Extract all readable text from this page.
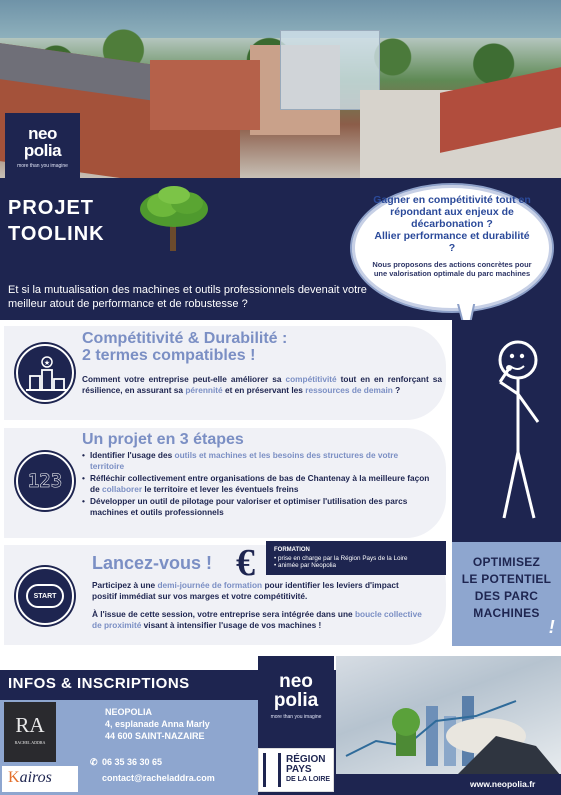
neo
polia
more than you imagine
PROJET
TOOLINK
Et si la mutualisation des machines et outils professionnels devenait votre meilleur atout de performance et de robustesse ?
Gagner en compétitivité tout en répondant aux enjeux de décarbonation ?
Allier performance et durabilité ?
Nous proposons des actions concrètes pour une valorisation optimale du parc machines
OPTIMISEZ
LE POTENTIEL
DES PARC
MACHINES
!
★
Compétitivité & Durabilité :
2 termes compatibles !
Comment votre entreprise peut-elle améliorer sa compétitivité tout en en renforçant sa résilience, en assurant sa pérennité et en préservant les ressources de demain ?
123
Un projet en 3 étapes
• Identifier l'usage des outils et machines et les besoins des structures de votre territoire
• Réfléchir collectivement entre organisations de bas de Chantenay à la meilleure façon de collaborer le territoire et lever les éventuels freins
• Développer un outil de pilotage pour valoriser et optimiser l'utilisation des parcs machines et outils professionnels
START
Lancez-vous ! €	FORMATION
• prise en charge par la Région Pays de la Loire
• animée par Neopolia
Participez à une demi-journée de formation pour identifier les leviers d'impact positif immédiat sur vos marges et votre compétitivité.
À l'issue de cette session, votre entreprise sera intégrée dans une boucle collective de proximité visant à intensifier l'usage de vos machines !
INFOS & INSCRIPTIONS
RA
RACHEL ADDRA
Kairos
NEOPOLIA
4, esplanade Anna Marly
44 600 SAINT-NAZAIRE
✆ 06 35 36 30 65
contact@racheladdra.com
neo
polia
more than you imagine
RÉGION
PAYS
DE LA LOIRE	www.neopolia.fr
